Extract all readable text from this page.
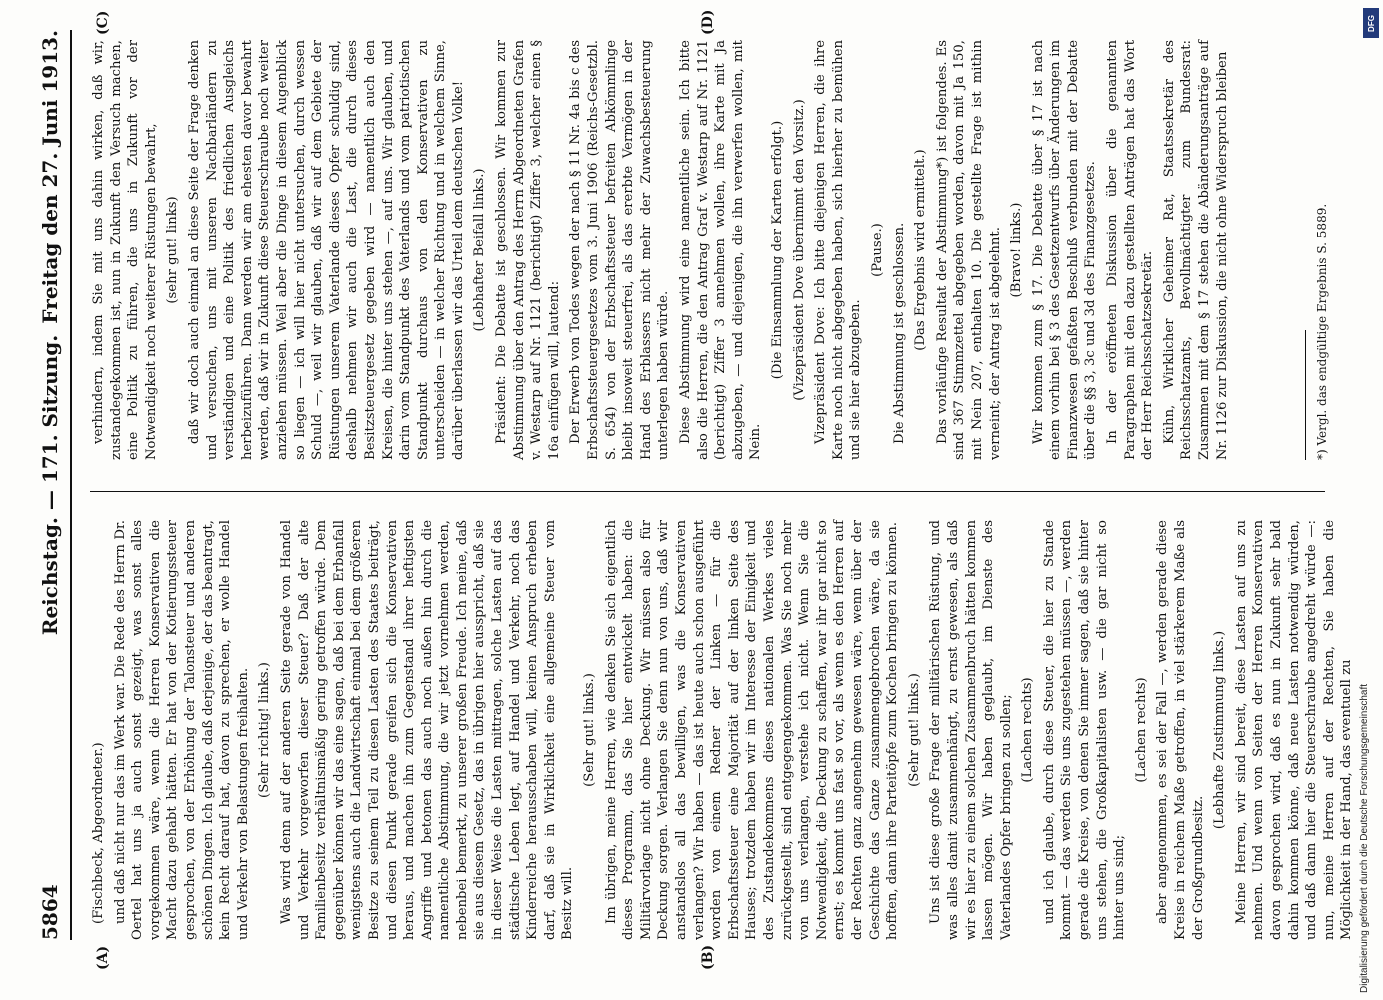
5864
Reichstag. — 171. Sitzung.
Freitag den 27. Juni 1913.
(A)	(B)
(C)	(D)

(Fischbeck, Abgeordneter.) und daß nicht nur das im Werk war. Die Rede des Herrn Dr. Oertel hat uns ja auch sonst gezeigt, was sonst alles vorgekommen wäre, wenn die Herren Konservativen die Macht dazu gehabt hätten. Er hat von der Kotierungssteuer gesprochen, von der Erhöhung der Talonsteuer und anderen schönen Dingen. Ich glaube, daß derjenige, der das beantragt, kein Recht darauf hat, davon zu sprechen, er wolle Handel und Verkehr von Belastungen freihalten. (Sehr richtig! links.) Was wird denn auf der anderen Seite gerade von Handel und Verkehr vorgeworfen dieser Steuer? Daß der alte Familienbesitz verhältnismäßig gering getroffen würde. Dem gegenüber können wir das eine sagen, daß bei dem Erbanfall wenigstens auch die Landwirtschaft einmal bei dem größeren Besitze zu seinem Teil zu diesen Lasten des Staates beiträgt, und diesen Punkt gerade greifen sich die Konservativen heraus, und machen ihn zum Gegenstand ihrer heftigsten Angriffe und betonen das auch noch außen hin durch die namentliche Abstimmung, die wir jetzt vornehmen werden, nebenbei bemerkt, zu unserer großen Freude. Ich meine, daß sie aus diesem Gesetz, das in übrigen hier ausspricht, daß sie in dieser Weise die Lasten mittragen, solche Lasten auf das städtische Leben legt, auf Handel und Verkehr, noch das Kinderreiche herausschaben will, keinen Anspruch erheben darf, daß sie in Wirklichkeit eine allgemeine Steuer vom Besitz will.

(Sehr gut! links.) Im übrigen, meine Herren, wie denken Sie sich eigentlich dieses Programm, das Sie hier entwickelt haben: die Militärvorlage nicht ohne Deckung. Wir müssen also für Deckung sorgen. Verlangen Sie denn nun von uns, daß wir anstandslos all das bewilligen, was die Konservativen verlangen? Wir haben — das ist heute auch schon ausgeführt worden von einem Redner der Linken — für die Erbschaftssteuer eine Majorität auf der linken Seite des Hauses; trotzdem haben wir im Interesse der Einigkeit und des Zustandekommens dieses nationalen Werkes vieles zurückgestellt, sind entgegengekommen. Was Sie noch mehr von uns verlangen, verstehe ich nicht. Wenn Sie die Notwendigkeit, die Deckung zu schaffen, war ihr gar nicht so ernst; es kommt uns fast so vor, als wenn es den Herren auf der Rechten ganz angenehm gewesen wäre, wenn über der Geschichte das Ganze zusammengebrochen wäre, da sie hofften, dann ihre Parteitöpfe zum Kochen bringen zu können. (Sehr gut! links.) Uns ist diese große Frage der militärischen Rüstung, und was alles damit zusammenhängt, zu ernst gewesen, als daß wir es hier zu einem solchen Zusammenbruch hätten kommen lassen mögen. Wir haben geglaubt, im Dienste des Vaterlandes Opfer bringen zu sollen; (Lachen rechts) und ich glaube, durch diese Steuer, die hier zu Stande kommt — das werden Sie uns zugestehen müssen —, werden gerade die Kreise, von denen Sie immer sagen, daß sie hinter uns stehen, die Großkapitalisten usw. — die gar nicht so hinter uns sind;

(Lachen rechts) aber angenommen, es sei der Fall —, werden gerade diese Kreise in reichem Maße getroffen, in viel stärkerem Maße als der Großgrundbesitz.

(Lebhafte Zustimmung links.) Meine Herren, wir sind bereit, diese Lasten auf uns zu nehmen. Und wenn von Seiten der Herren Konservativen davon gesprochen wird, daß es nun in Zukunft sehr bald dahin kommen könne, daß neue Lasten notwendig würden, und daß dann hier die Steuerschraube angedreht würde —: nun, meine Herren auf der Rechten, Sie haben die Möglichkeit in der Hand, das eventuell zu

verhindern, indem Sie mit uns dahin wirken, daß wir, zustandegekommen ist, nun in Zukunft den Versuch machen, eine Politik zu führen, die uns in Zukunft vor der Notwendigkeit noch weiterer Rüstungen bewahrt, (sehr gut! links) daß wir doch auch einmal an diese Seite der Frage denken und versuchen, uns mit unseren Nachbarländern zu verständigen und eine Politik des friedlichen Ausgleichs herbeizuführen. Dann werden wir am ehesten davor bewahrt werden, daß wir in Zukunft diese Steuerschraube noch weiter anziehen müssen. Weil aber die Dinge in diesem Augenblick so liegen — ich will hier nicht untersuchen, durch wessen Schuld —, weil wir glauben, daß wir auf dem Gebiete der Rüstungen unserem Vaterlande dieses Opfer schuldig sind, deshalb nehmen wir auch die Last, die durch dieses Besitzsteuergesetz gegeben wird — namentlich auch den Kreisen, die hinter uns stehen —, auf uns. Wir glauben, und darin vom Standpunkt des Vaterlands und vom patriotischen Standpunkt durchaus von den Konservativen zu unterscheiden — in welcher Richtung und in welchem Sinne, darüber überlassen wir das Urteil dem deutschen Volke! (Lebhafter Beifall links.) Präsident: Die Debatte ist geschlossen. Wir kommen zur Abstimmung über den Antrag des Herrn Abgeordneten Grafen v. Westarp auf Nr. 1121 (berichtigt) Ziffer 3, welcher einen § 16a einfügen will, lautend: Der Erwerb von Todes wegen der nach § 11 Nr. 4a bis c des Erbschaftssteuergesetzes vom 3. Juni 1906 (Reichs-Gesetzbl. S. 654) von der Erbschaftssteuer befreiten Abkömmlinge bleibt insoweit steuerfrei, als das ererbte Vermögen in der Hand des Erblassers nicht mehr der Zuwachsbesteuerung unterlegen haben würde. Diese Abstimmung wird eine namentliche sein. Ich bitte also die Herren, die den Antrag Graf v. Westarp auf Nr. 1121 (berichtigt) Ziffer 3 annehmen wollen, ihre Karte mit Ja abzugeben, — und diejenigen, die ihn verwerfen wollen, mit Nein.

(Die Einsammlung der Karten erfolgt.) (Vizepräsident Dove übernimmt den Vorsitz.) Vizepräsident Dove: Ich bitte diejenigen Herren, die ihre Karte noch nicht abgegeben haben, sich hierher zu bemühen und sie hier abzugeben.

(Pause.) Die Abstimmung ist geschlossen. (Das Ergebnis wird ermittelt.) Das vorläufige Resultat der Abstimmung*) ist folgendes. Es sind 367 Stimmzettel abgegeben worden, davon mit Ja 150, mit Nein 207, enthalten 10. Die gestellte Frage ist mithin verneint; der Antrag ist abgelehnt. (Bravo! links.) Wir kommen zum § 17. Die Debatte über § 17 ist nach einem vorhin bei § 3 des Gesetzentwurfs über Änderungen im Finanzwesen gefaßten Beschluß verbunden mit der Debatte über die §§ 3, 3c und 3d des Finanzgesetzes. In der eröffneten Diskussion über die genannten Paragraphen mit den dazu gestellten Anträgen hat das Wort der Herr Reichsschatzsekretär. Kühn, Wirklicher Geheimer Rat, Staatssekretär des Reichsschatzamts, Bevollmächtigter zum Bundesrat: Zusammen mit dem § 17 stehen die Abänderungsanträge auf Nr. 1126 zur Diskussion, die nicht ohne Widerspruch bleiben	*) Vergl. das endgültige Ergebnis S. 5889.
Digitalisierung gefördert durch die Deutsche Forschungsgemeinschaft
DFG
